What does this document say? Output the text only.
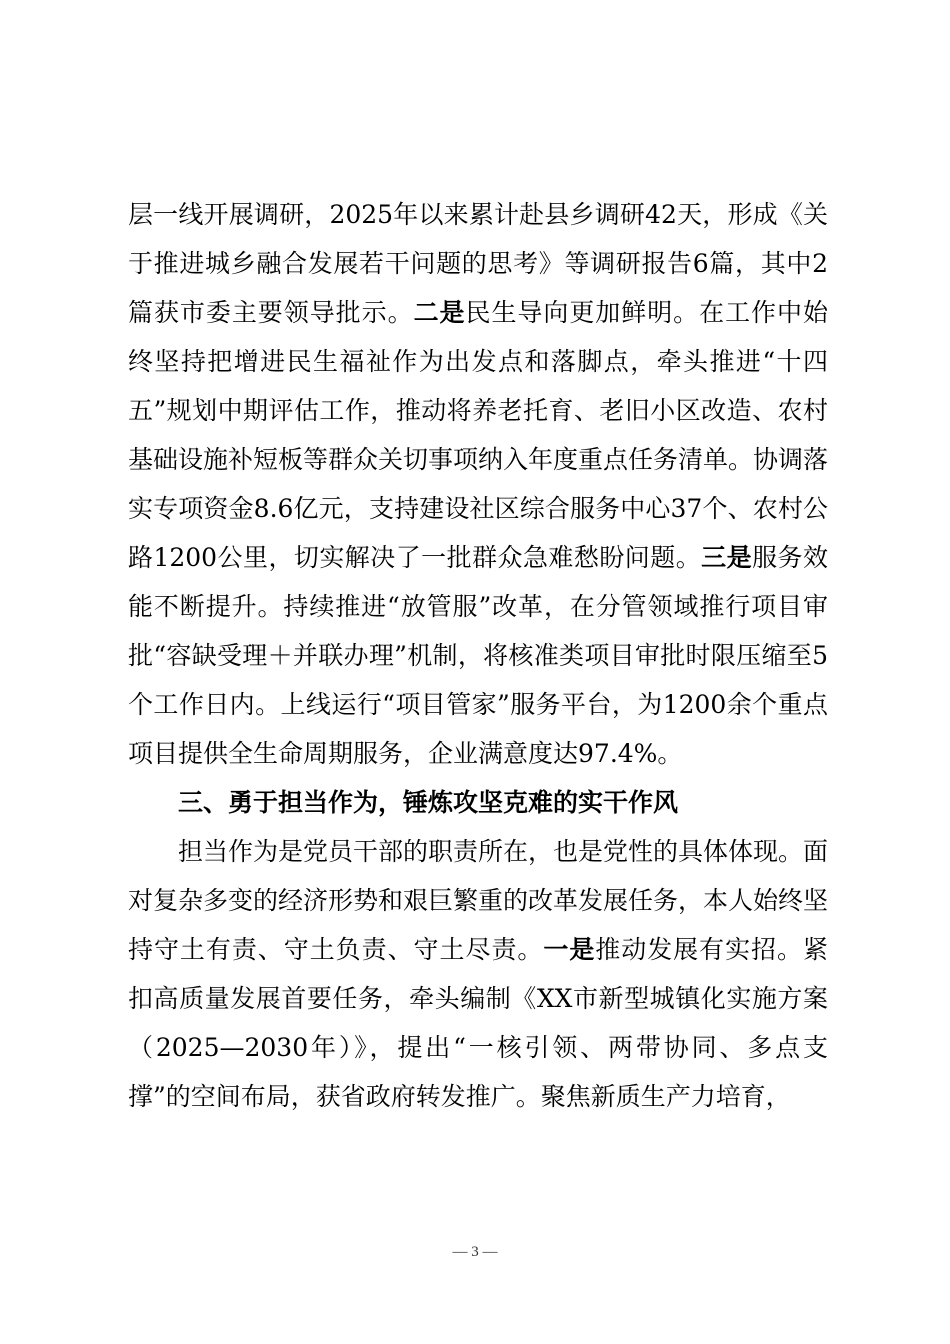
层一线开展调研，2025年以来累计赴县乡调研42天，形成《关于推进城乡融合发展若干问题的思考》等调研报告6篇，其中2篇获市委主要领导批示。二是民生导向更加鲜明。在工作中始终坚持把增进民生福祉作为出发点和落脚点，牵头推进“十四五”规划中期评估工作，推动将养老托育、老旧小区改造、农村基础设施补短板等群众关切事项纳入年度重点任务清单。协调落实专项资金8.6亿元，支持建设社区综合服务中心37个、农村公路1200公里，切实解决了一批群众急难愁盼问题。三是服务效能不断提升。持续推进“放管服”改革，在分管领域推行项目审批“容缺受理＋并联办理”机制，将核准类项目审批时限压缩至5个工作日内。上线运行“项目管家”服务平台，为1200余个重点项目提供全生命周期服务，企业满意度达97.4%。

三、勇于担当作为，锤炼攻坚克难的实干作风

担当作为是党员干部的职责所在，也是党性的具体体现。面对复杂多变的经济形势和艰巨繁重的改革发展任务，本人始终坚持守土有责、守土负责、守土尽责。一是推动发展有实招。紧扣高质量发展首要任务，牵头编制《XX市新型城镇化实施方案（2025—2030年）》，提出“一核引领、两带协同、多点支撑”的空间布局，获省政府转发推广。聚焦新质生产力培育，

— 3 —
